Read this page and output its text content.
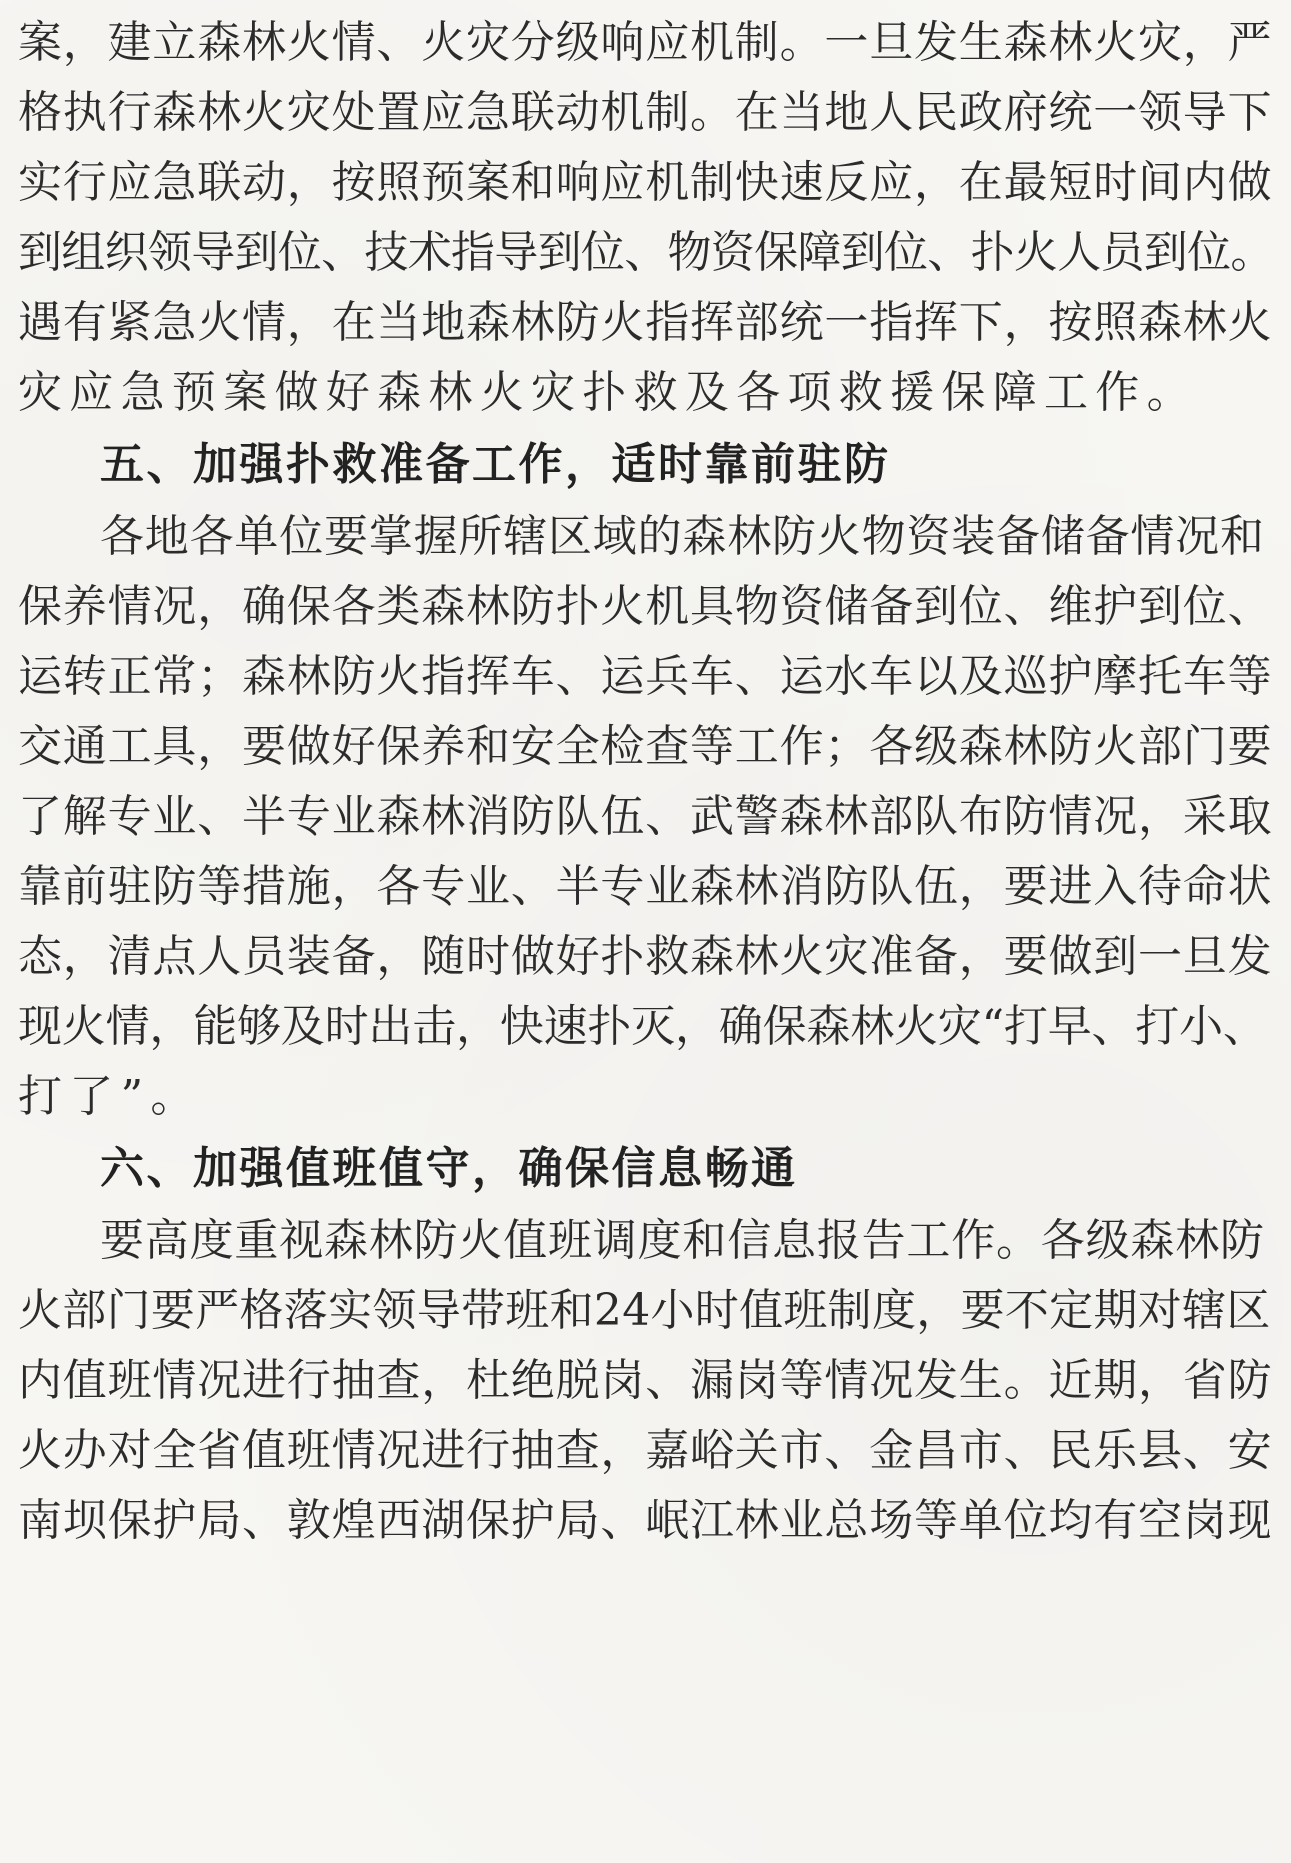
案，建立森林火情、火灾分级响应机制。一旦发生森林火灾，严
格执行森林火灾处置应急联动机制。在当地人民政府统一领导下
实行应急联动，按照预案和响应机制快速反应，在最短时间内做
到组织领导到位、技术指导到位、物资保障到位、扑火人员到位。
遇有紧急火情，在当地森林防火指挥部统一指挥下，按照森林火
灾应急预案做好森林火灾扑救及各项救援保障工作。
五、加强扑救准备工作，适时靠前驻防
各地各单位要掌握所辖区域的森林防火物资装备储备情况和
保养情况，确保各类森林防扑火机具物资储备到位、维护到位、
运转正常；森林防火指挥车、运兵车、运水车以及巡护摩托车等
交通工具，要做好保养和安全检查等工作；各级森林防火部门要
了解专业、半专业森林消防队伍、武警森林部队布防情况，采取
靠前驻防等措施，各专业、半专业森林消防队伍，要进入待命状
态，清点人员装备，随时做好扑救森林火灾准备，要做到一旦发
现火情，能够及时出击，快速扑灭，确保森林火灾“打早、打小、
打了”。
六、加强值班值守，确保信息畅通
要高度重视森林防火值班调度和信息报告工作。各级森林防
火部门要严格落实领导带班和24小时值班制度，要不定期对辖区
内值班情况进行抽查，杜绝脱岗、漏岗等情况发生。近期，省防
火办对全省值班情况进行抽查，嘉峪关市、金昌市、民乐县、安
南坝保护局、敦煌西湖保护局、岷江林业总场等单位均有空岗现
